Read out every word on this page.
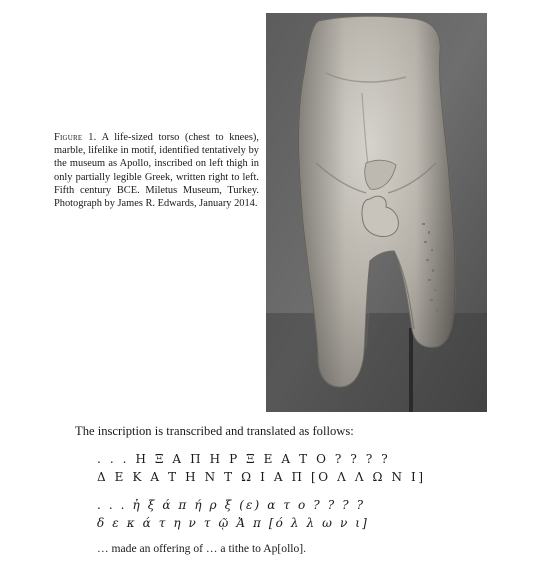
Figure 1. A life-sized torso (chest to knees), marble, lifelike in motif, identified tentatively by the museum as Apollo, inscribed on left thigh in only partially legible Greek, written right to left. Fifth century BCE. Miletus Museum, Turkey. Photograph by James R. Edwards, January 2014.

The inscription is transcribed and translated as follows:

. . . Η Ξ Α Π Η Ρ Ξ Ε Α Τ Ο ? ? ? ?

Δ Ε Κ Α Τ Η Ν Τ Ω Ι Α Π [Ο Λ Λ Ω Ν Ι]

. . . ἠ ξ ά π ή ρ ξ (ε) α τ ο ? ? ? ?

δ ε κ ά τ η ν τ ῷ Ἀ π [ό λ λ ω ν ι]

… made an offering of … a tithe to Ap[ollo].
